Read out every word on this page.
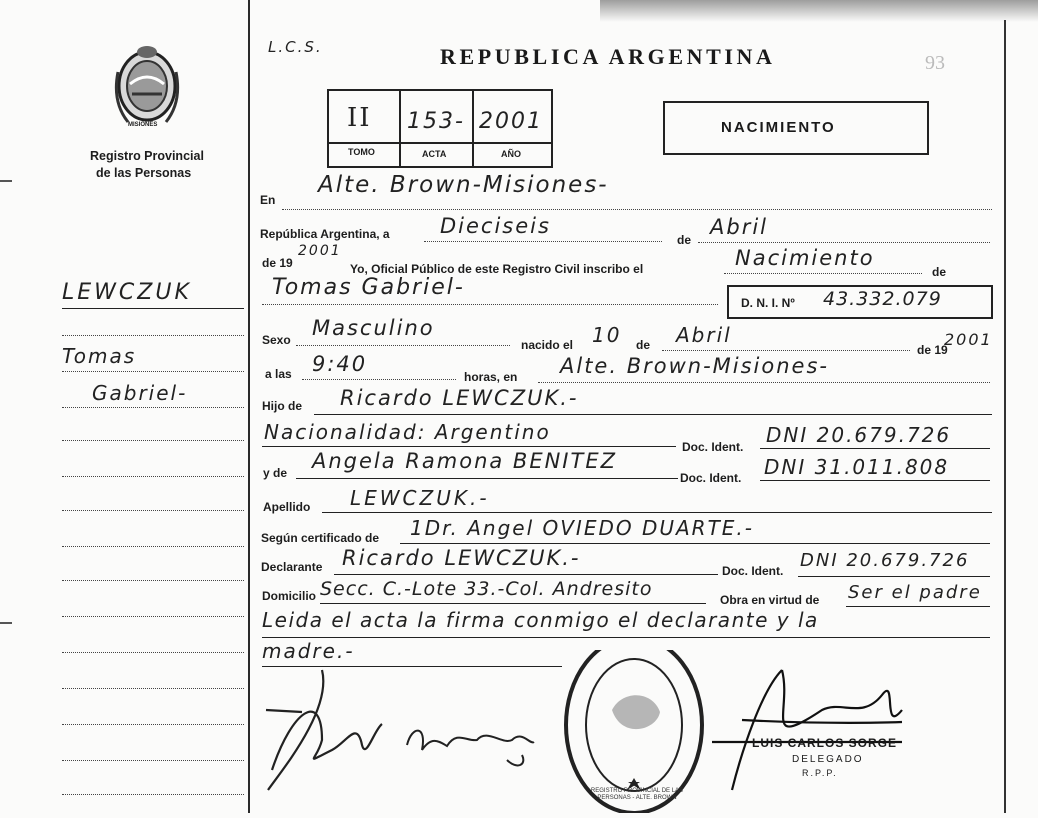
MISIONES
Registro Provincial
de las Personas
L.C.S.	REPUBLICA ARGENTINA	93
II 153- 2001
TOMO	ACTA	AÑO
NACIMIENTO
LEWCZUK
Tomas
Gabriel-
En
Alte. Brown-Misiones-
República Argentina, a Dieciseis
de
Abril
de 19
2001
Yo, Oficial Público de este Registro Civil inscribo el	Nacimiento
de
Tomas Gabriel-
D. N. I. Nº 43.332.079
Sexo Masculino
nacido el 10 de Abril
de 19
2001
a las 9:40
horas, en Alte. Brown-Misiones-
Hijo de Ricardo LEWCZUK.-
Nacionalidad: Argentino
Doc. Ident. DNI 20.679.726
y de Angela Ramona BENITEZ
Doc. Ident. DNI 31.011.808
Apellido LEWCZUK.-
Según certificado de 1Dr. Angel OVIEDO DUARTE.-
Declarante Ricardo LEWCZUK.-
Doc. Ident. DNI 20.679.726
Domicilio Secc. C.-Lote 33.-Col. Andresito	Obra en virtud de Ser el padre
Leida el acta la firma conmigo el declarante y la
madre.-
LUIS CARLOS SORGE
DELEGADO
R.P.P.
REGISTRO PROVINCIAL DE LAS PERSONAS - ALTE. BROWN
